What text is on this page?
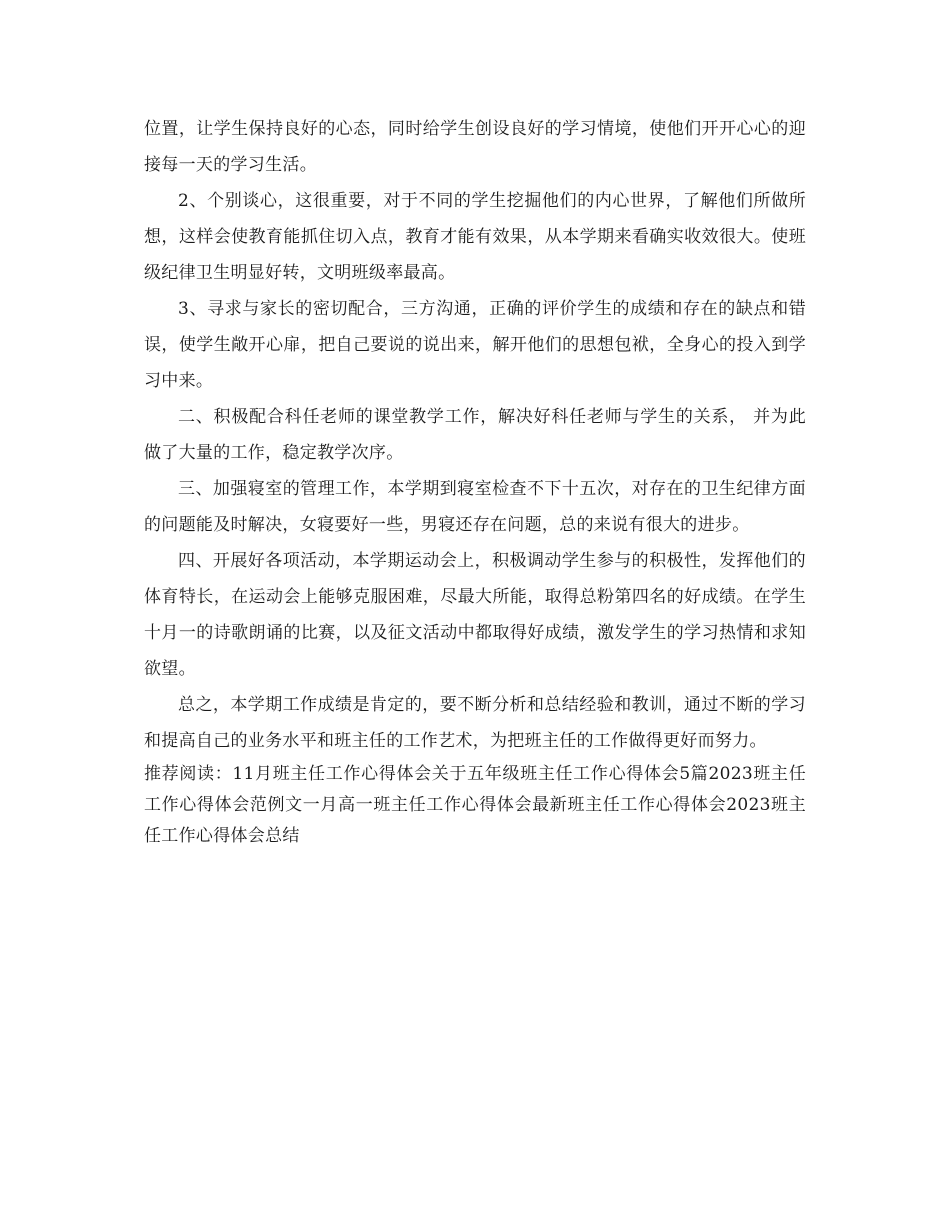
位置，让学生保持良好的心态，同时给学生创设良好的学习情境，使他们开开心心的迎接每一天的学习生活。

2、个别谈心，这很重要，对于不同的学生挖掘他们的内心世界，了解他们所做所想，这样会使教育能抓住切入点，教育才能有效果，从本学期来看确实收效很大。使班级纪律卫生明显好转，文明班级率最高。

3、寻求与家长的密切配合，三方沟通，正确的评价学生的成绩和存在的缺点和错误，使学生敞开心扉，把自己要说的说出来，解开他们的思想包袱，全身心的投入到学习中来。

二、积极配合科任老师的课堂教学工作，解决好科任老师与学生的关系， 并为此做了大量的工作，稳定教学次序。

三、加强寝室的管理工作，本学期到寝室检查不下十五次，对存在的卫生纪律方面的问题能及时解决，女寝要好一些，男寝还存在问题，总的来说有很大的进步。

四、开展好各项活动，本学期运动会上，积极调动学生参与的积极性，发挥他们的体育特长，在运动会上能够克服困难，尽最大所能，取得总粉第四名的好成绩。在学生十月一的诗歌朗诵的比赛，以及征文活动中都取得好成绩，激发学生的学习热情和求知欲望。

总之，本学期工作成绩是肯定的，要不断分析和总结经验和教训，通过不断的学习和提高自己的业务水平和班主任的工作艺术，为把班主任的工作做得更好而努力。

推荐阅读：11月班主任工作心得体会关于五年级班主任工作心得体会5篇2023班主任工作心得体会范例文一月高一班主任工作心得体会最新班主任工作心得体会2023班主任工作心得体会总结
